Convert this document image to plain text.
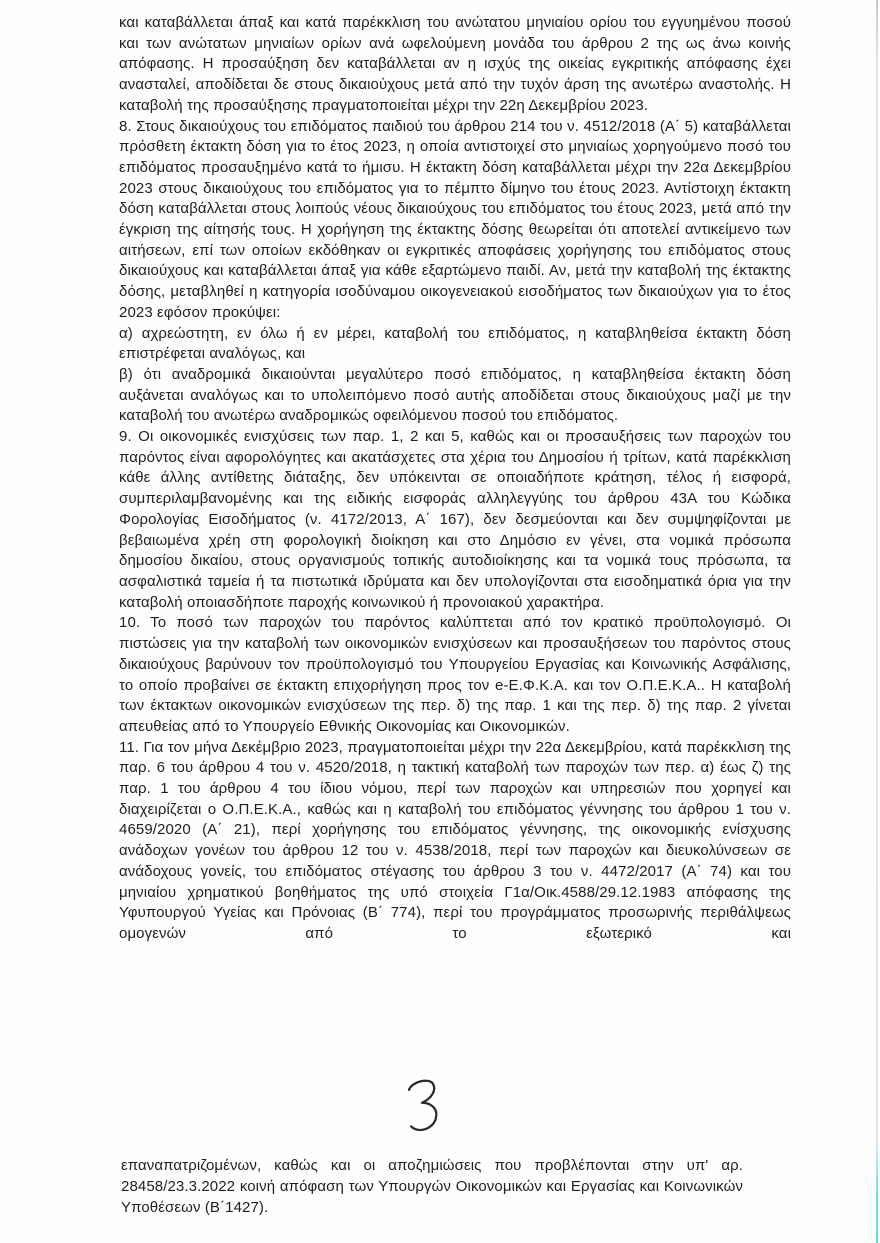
και καταβάλλεται άπαξ και κατά παρέκκλιση του ανώτατου μηνιαίου ορίου του εγγυημένου ποσού και των ανώτατων μηνιαίων ορίων ανά ωφελούμενη μονάδα του άρθρου 2 της ως άνω κοινής απόφασης. Η προσαύξηση δεν καταβάλλεται αν η ισχύς της οικείας εγκριτικής απόφασης έχει ανασταλεί, αποδίδεται δε στους δικαιούχους μετά από την τυχόν άρση της ανωτέρω αναστολής. Η καταβολή της προσαύξησης πραγματοποιείται μέχρι την 22η Δεκεμβρίου 2023.

8. Στους δικαιούχους του επιδόματος παιδιού του άρθρου 214 του ν. 4512/2018 (Α΄ 5) καταβάλλεται πρόσθετη έκτακτη δόση για το έτος 2023, η οποία αντιστοιχεί στο μηνιαίως χορηγούμενο ποσό του επιδόματος προσαυξημένο κατά το ήμισυ. Η έκτακτη δόση καταβάλλεται μέχρι την 22α Δεκεμβρίου 2023 στους δικαιούχους του επιδόματος για το πέμπτο δίμηνο του έτους 2023. Αντίστοιχη έκτακτη δόση καταβάλλεται στους λοιπούς νέους δικαιούχους του επιδόματος του έτους 2023, μετά από την έγκριση της αίτησής τους. Η χορήγηση της έκτακτης δόσης θεωρείται ότι αποτελεί αντικείμενο των αιτήσεων, επί των οποίων εκδόθηκαν οι εγκριτικές αποφάσεις χορήγησης του επιδόματος στους δικαιούχους και καταβάλλεται άπαξ για κάθε εξαρτώμενο παιδί. Αν, μετά την καταβολή της έκτακτης δόσης, μεταβληθεί η κατηγορία ισοδύναμου οικογενειακού εισοδήματος των δικαιούχων για το έτος 2023 εφόσον προκύψει:

α) αχρεώστητη, εν όλω ή εν μέρει, καταβολή του επιδόματος, η καταβληθείσα έκτακτη δόση επιστρέφεται αναλόγως, και

β) ότι αναδρομικά δικαιούνται μεγαλύτερο ποσό επιδόματος, η καταβληθείσα έκτακτη δόση αυξάνεται αναλόγως και το υπολειπόμενο ποσό αυτής αποδίδεται στους δικαιούχους μαζί με την καταβολή του ανωτέρω αναδρομικώς οφειλόμενου ποσού του επιδόματος.

9. Οι οικονομικές ενισχύσεις των παρ. 1, 2 και 5, καθώς και οι προσαυξήσεις των παροχών του παρόντος είναι αφορολόγητες και ακατάσχετες στα χέρια του Δημοσίου ή τρίτων, κατά παρέκκλιση κάθε άλλης αντίθετης διάταξης, δεν υπόκεινται σε οποιαδήποτε κράτηση, τέλος ή εισφορά, συμπεριλαμβανομένης και της ειδικής εισφοράς αλληλεγγύης του άρθρου 43Α του Κώδικα Φορολογίας Εισοδήματος (ν. 4172/2013, Α΄ 167), δεν δεσμεύονται και δεν συμψηφίζονται με βεβαιωμένα χρέη στη φορολογική διοίκηση και στο Δημόσιο εν γένει, στα νομικά πρόσωπα δημοσίου δικαίου, στους οργανισμούς τοπικής αυτοδιοίκησης και τα νομικά τους πρόσωπα, τα ασφαλιστικά ταμεία ή τα πιστωτικά ιδρύματα και δεν υπολογίζονται στα εισοδηματικά όρια για την καταβολή οποιασδήποτε παροχής κοινωνικού ή προνοιακού χαρακτήρα.

10. Το ποσό των παροχών του παρόντος καλύπτεται από τον κρατικό προϋπολογισμό. Οι πιστώσεις για την καταβολή των οικονομικών ενισχύσεων και προσαυξήσεων του παρόντος στους δικαιούχους βαρύνουν τον προϋπολογισμό του Υπουργείου Εργασίας και Κοινωνικής Ασφάλισης, το οποίο προβαίνει σε έκτακτη επιχορήγηση προς τον e-Ε.Φ.Κ.Α. και τον Ο.Π.Ε.Κ.Α.. Η καταβολή των έκτακτων οικονομικών ενισχύσεων της περ. δ) της παρ. 1 και της περ. δ) της παρ. 2 γίνεται απευθείας από το Υπουργείο Εθνικής Οικονομίας και Οικονομικών.

11. Για τον μήνα Δεκέμβριο 2023, πραγματοποιείται μέχρι την 22α Δεκεμβρίου, κατά παρέκκλιση της παρ. 6 του άρθρου 4 του ν. 4520/2018, η τακτική καταβολή των παροχών των περ. α) έως ζ) της παρ. 1 του άρθρου 4 του ίδιου νόμου, περί των παροχών και υπηρεσιών που χορηγεί και διαχειρίζεται ο Ο.Π.Ε.Κ.Α., καθώς και η καταβολή του επιδόματος γέννησης του άρθρου 1 του ν. 4659/2020 (Α΄ 21), περί χορήγησης του επιδόματος γέννησης, της οικονομικής ενίσχυσης ανάδοχων γονέων του άρθρου 12 του ν. 4538/2018, περί των παροχών και διευκολύνσεων σε ανάδοχους γονείς, του επιδόματος στέγασης του άρθρου 3 του ν. 4472/2017 (Α΄ 74) και του μηνιαίου χρηματικού βοηθήματος της υπό στοιχεία Γ1α/Οικ.4588/29.12.1983 απόφασης της Υφυπουργού Υγείας και Πρόνοιας (Β΄ 774), περί του προγράμματος προσωρινής περιθάλψεως ομογενών από το εξωτερικό και

επαναπατριζομένων, καθώς και οι αποζημιώσεις που προβλέπονται στην υπ' αρ. 28458/23.3.2022 κοινή απόφαση των Υπουργών Οικονομικών και Εργασίας και Κοινωνικών Υποθέσεων (Β΄1427).
